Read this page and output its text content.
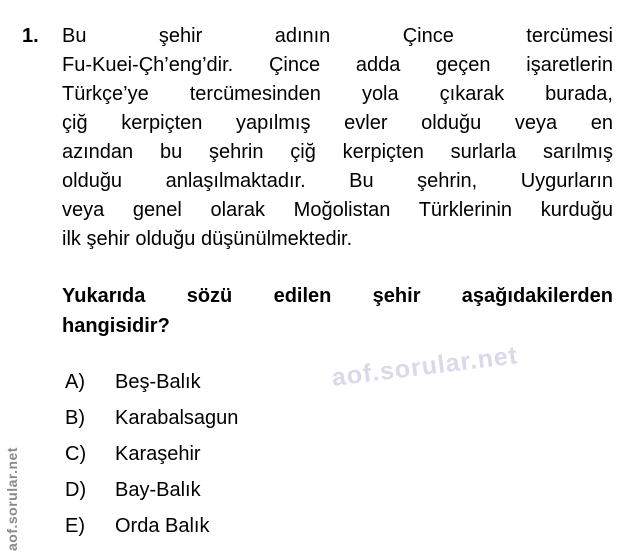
1. Bu şehir adının Çince tercümesi
Fu-Kuei-Çh’eng’dir. Çince adda geçen işaretlerin
Türkçe’ye tercümesinden yola çıkarak burada,
çiğ kerpiçten yapılmış evler olduğu veya en
azından bu şehrin çiğ kerpiçten surlarla sarılmış
olduğu anlaşılmaktadır. Bu şehrin, Uygurların
veya genel olarak Moğolistan Türklerinin kurduğu
ilk şehir olduğu düşünülmektedir.
Yukarıda sözü edilen şehir aşağıdakilerden
hangisidir?
A)	Beş-Balık
B)	Karabalsagun
C)	Karaşehir
D)	Bay-Balık
E)	Orda Balık
aof.sorular.net
aof.sorular.net
